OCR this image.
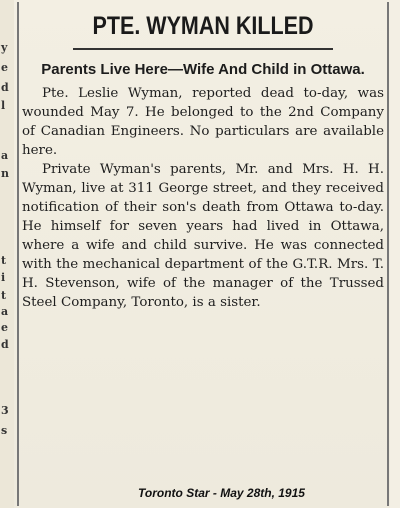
y
e
d
l
a
n
t
i
t
a
e
d
3
s
PTE. WYMAN KILLED
Parents Live Here—Wife And Child in Ottawa.

Pte. Leslie Wyman, reported dead to-day, was wounded May 7. He belonged to the 2nd Company of Canadian Engineers. No particulars are available here.

Private Wyman's parents, Mr. and Mrs. H. H. Wyman, live at 311 George street, and they received notification of their son's death from Ottawa to-day. He himself for seven years had lived in Ottawa, where a wife and child survive. He was connected with the mechanical department of the G.T.R. Mrs. T. H. Stevenson, wife of the manager of the Trussed Steel Company, Toronto, is a sister.

Toronto Star - May 28th, 1915
